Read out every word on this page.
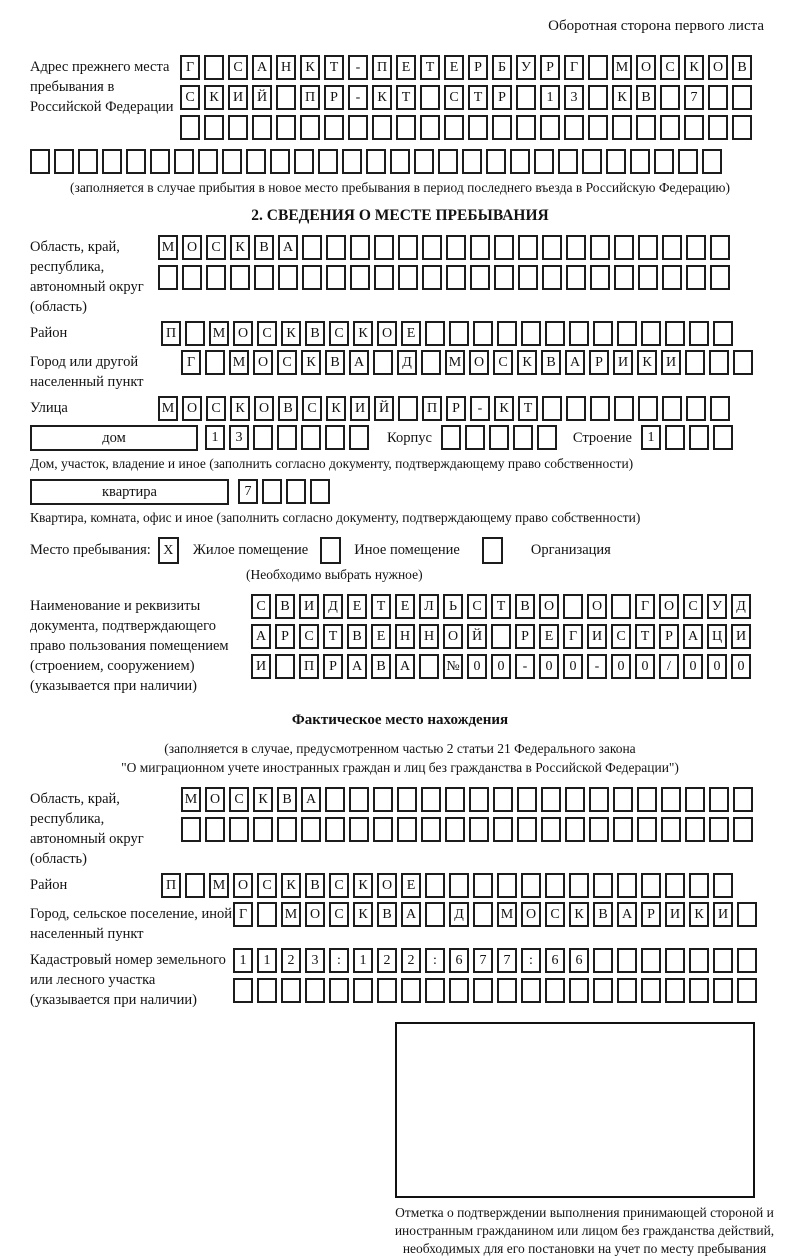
Оборотная сторона первого листа
Адрес прежнего места пребывания в Российской Федерации
Г	С	А Н	К	Т	-	П	Е	Т	Е	Р	Б	У	Р	Г	М О	С	К	О	В
С	К	И Й	П	Р	-	К	Т	С	Т	Р	1	3	К	В	7
(заполняется в случае прибытия в новое место пребывания в период последнего въезда в Российскую Федерацию)
2. СВЕДЕНИЯ О МЕСТЕ ПРЕБЫВАНИЯ
Область, край, республика, автономный округ (область)
М О	С	К	В	А
Район	П	М О	С	К	В	С	К	О	Е
Город или другой населенный пункт
Г	М О	С	К	В	А	Д	М О	С	К	В	А	Р	И	К	И
Улица	М О	С	К	О	В	С	К	И Й	П	Р	-	К	Т
дом	1	3	Корпус	Строение	1
Дом, участок, владение и иное (заполнить согласно документу, подтверждающему право собственности)
квартира	7
Квартира, комната, офис и иное (заполнить согласно документу, подтверждающему право собственности)
Место пребывания: X	Жилое помещение	Иное помещение	Организация
(Необходимо выбрать нужное)
Наименование и реквизиты документа, подтверждающего право пользования помещением (строением, сооружением) (указывается при наличии)
С	В	И	Д	Е	Т	Е	Л	Ь	С	Т	В	О	О	Г	О	С	У	Д
А	Р	С	Т	В	Е	Н Н О Й	Р	Е	Г	И	С	Т	Р	А Ц И
И	П	Р	А	В	А	№ 0	0	-	0	0	-	0	0	/	0	0	0
Фактическое место нахождения
(заполняется в случае, предусмотренном частью 2 статьи 21 Федерального закона
"О миграционном учете иностранных граждан и лиц без гражданства в Российской Федерации")
Область, край, республика, автономный округ (область)
М О	С	К	В	А
Район	П	М О	С	К	В	С	К	О	Е
Город, сельское поселение, иной населенный пункт
Г	М О	С	К	В	А	Д	М О	С	К	В	А	Р	И	К	И
Кадастровый номер земельного или лесного участка (указывается при наличии)
1	1	2	3	:	1	2	2	:	6	7	7	:	6	6
Отметка о подтверждении выполнения принимающей стороной и иностранным гражданином или лицом без гражданства действий, необходимых для его постановки на учет по месту пребывания
